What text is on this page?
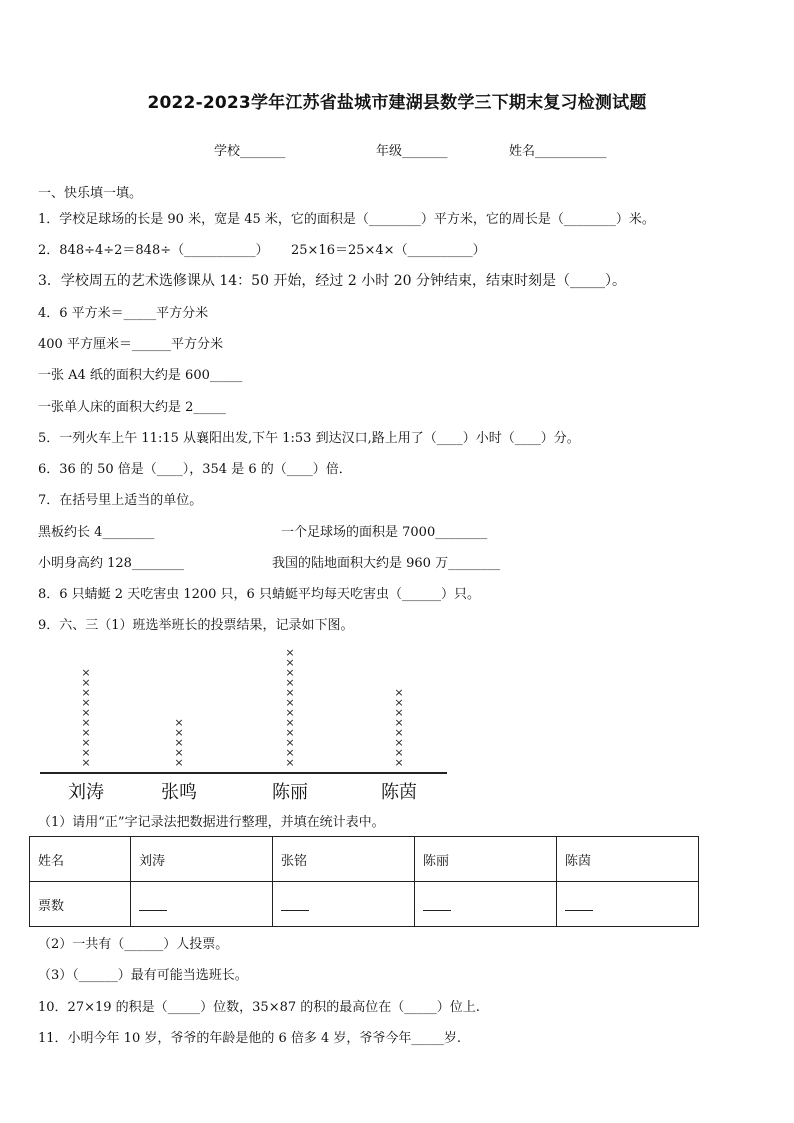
2022-2023学年江苏省盐城市建湖县数学三下期末复习检测试题
学校_______	年级_______	姓名___________
一、快乐填一填。
1．学校足球场的长是 90 米，宽是 45 米，它的面积是（________）平方米，它的周长是（________）米。
2．848÷4÷2＝848÷（___________） 25×16＝25×4×（__________）
3．学校周五的艺术选修课从 14：50 开始，经过 2 小时 20 分钟结束，结束时刻是（_____）。
4．6 平方米＝_____平方分米
400 平方厘米＝______平方分米
一张 A4 纸的面积大约是 600_____
一张单人床的面积大约是 2_____
5．一列火车上午 11:15 从襄阳出发,下午 1:53 到达汉口,路上用了（____）小时（____）分。
6．36 的 50 倍是（____），354 是 6 的（____）倍．
7．在括号里上适当的单位。
黑板约长 4________	一个足球场的面积是 7000________
小明身高约 128________	我国的陆地面积大约是 960 万________
8．6 只蜻蜓 2 天吃害虫 1200 只，6 只蜻蜓平均每天吃害虫（______）只。
9．六、三（1）班选举班长的投票结果，记录如下图。
×
×
×
×
×
×
×
×
×
×
×
×
×
×
×
×
×
×
×
×
×
×
×
×
×
×
×
×
×
×
×
×
×
×
×
刘涛	张鸣	陈丽	陈茵
（1）请用“正”字记录法把数据进行整理，并填在统计表中。
姓名	刘涛	张铭	陈丽	陈茵
票数				
（2）一共有（______）人投票。
（3）（______）最有可能当选班长。
10．27×19 的积是（_____）位数，35×87 的积的最高位在（_____）位上.
11．小明今年 10 岁，爷爷的年龄是他的 6 倍多 4 岁，爷爷今年_____岁.
